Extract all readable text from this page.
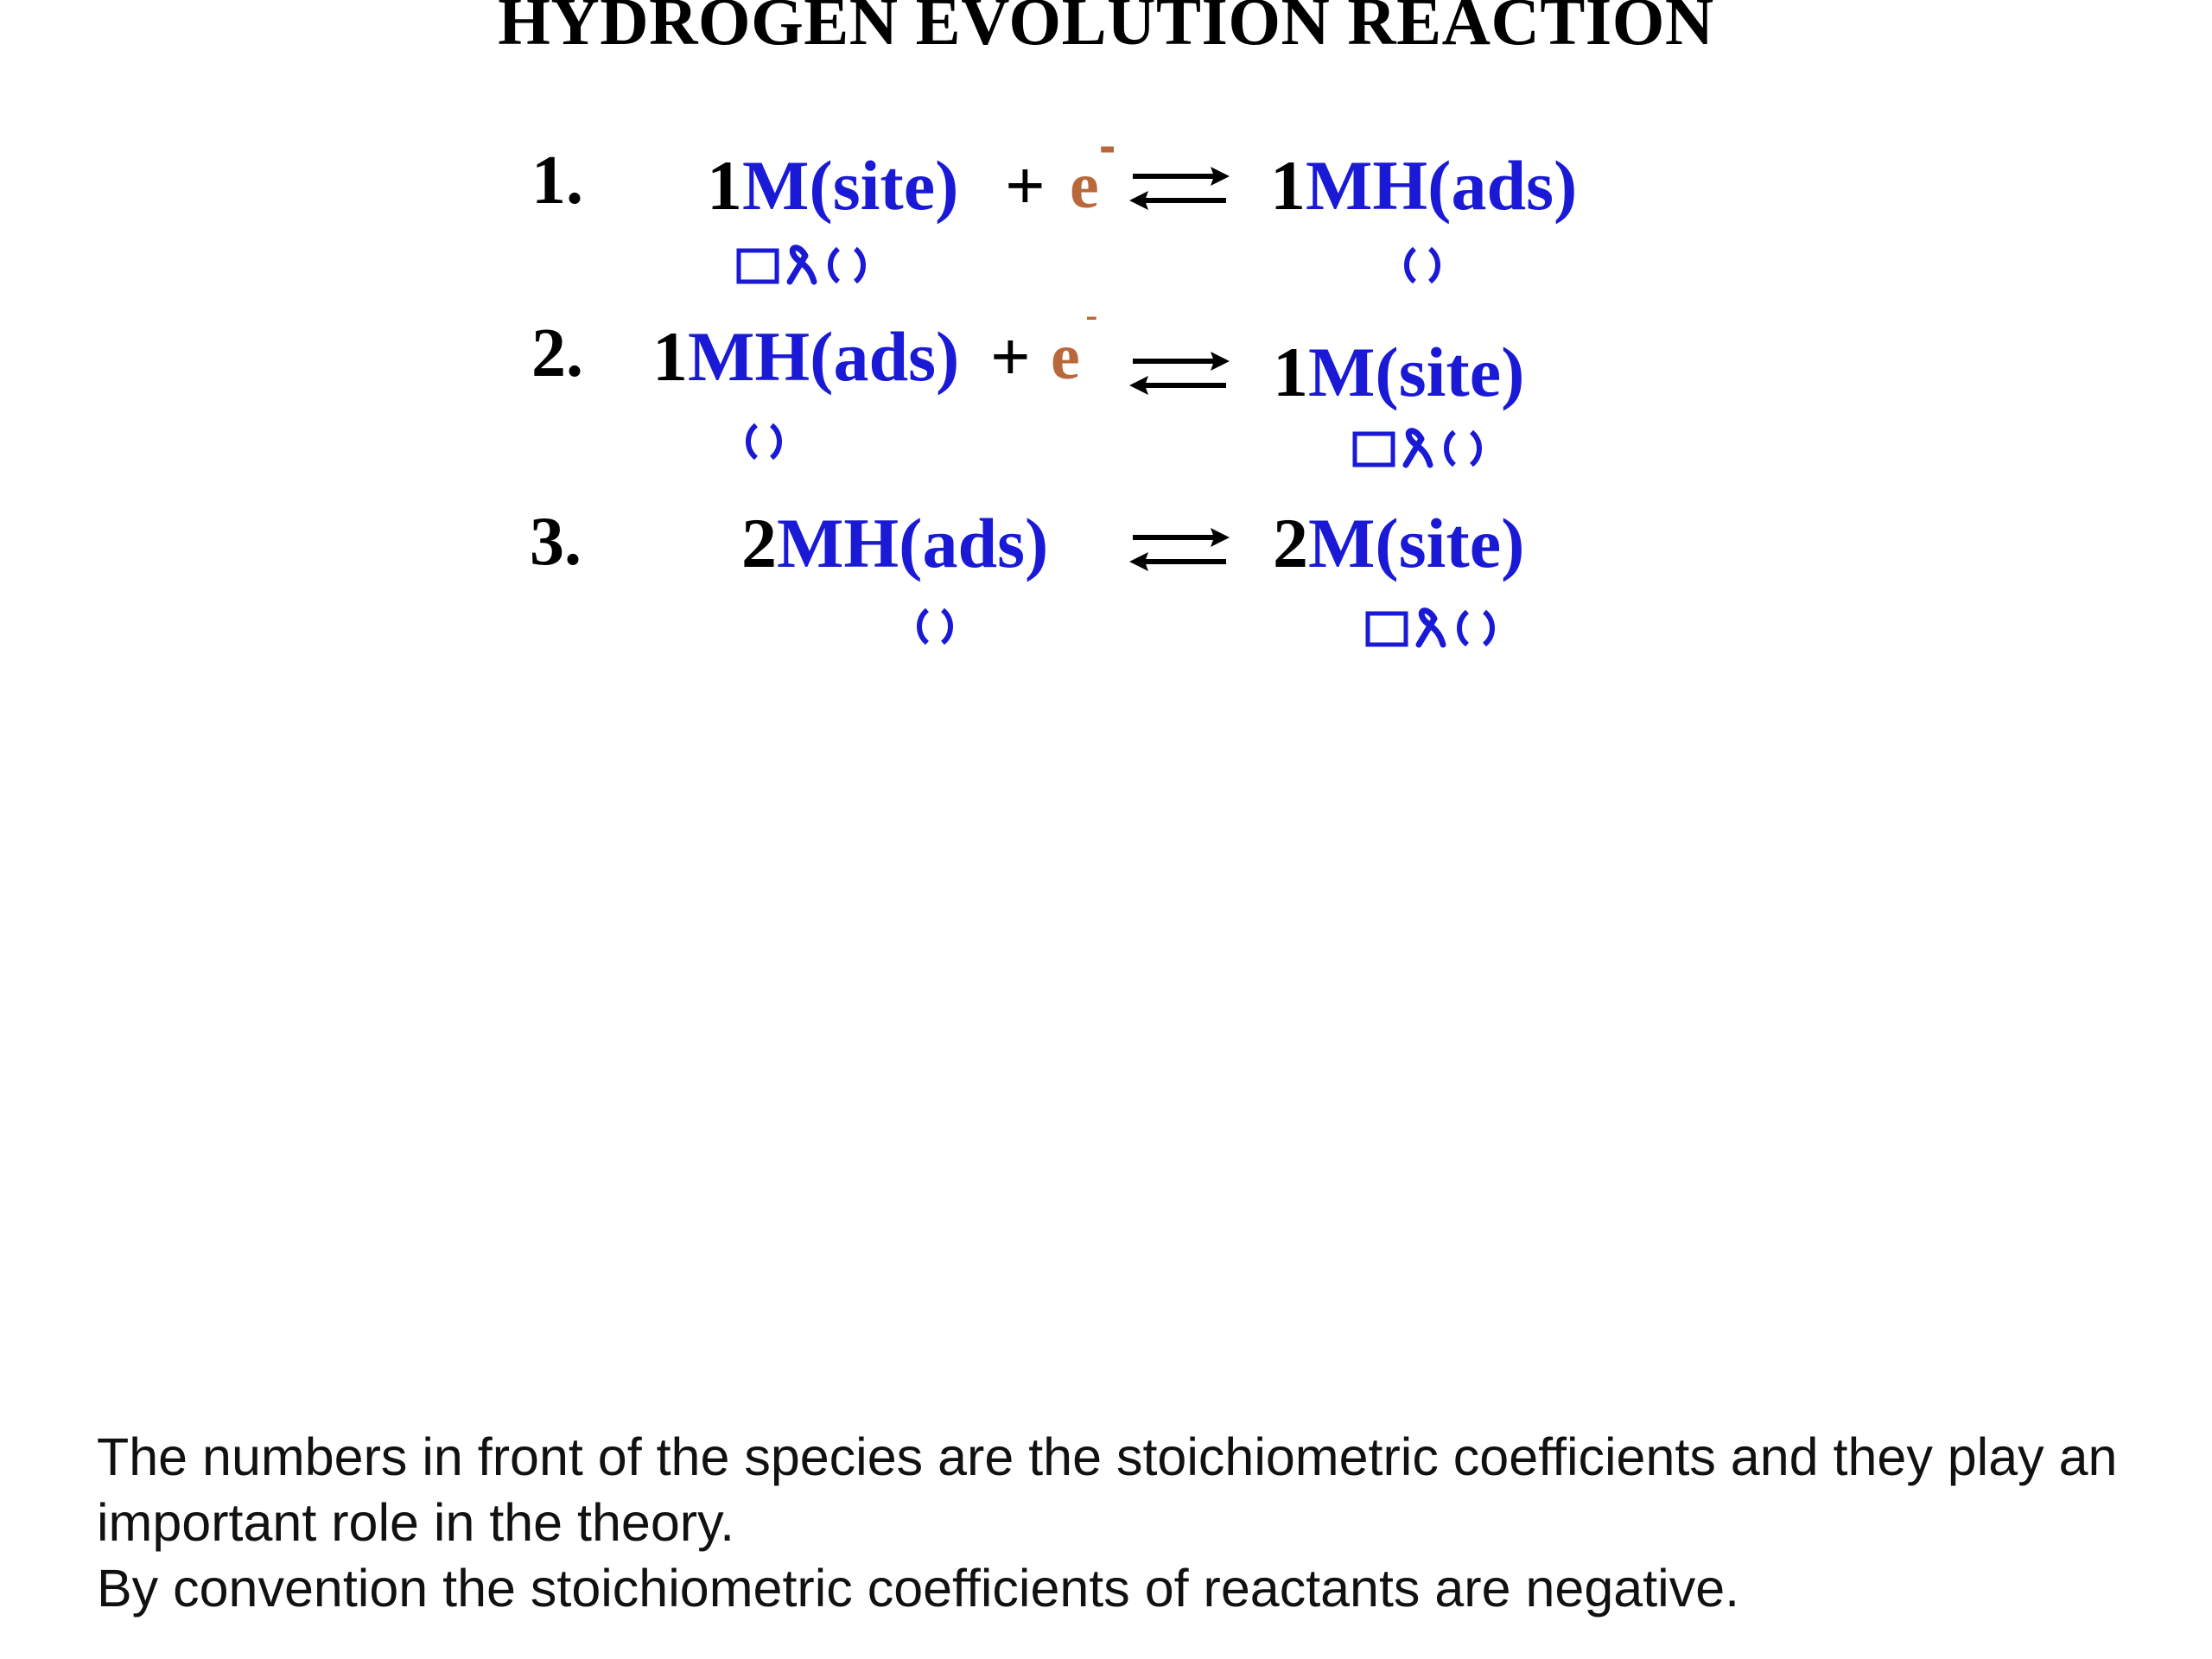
HYDROGEN EVOLUTION REACTION
1. 1M(site) + e
-
1MH(ads)
2. 1MH(ads) + e
-
1M(site)
3. 2MH(ads)	2M(site)

The numbers in front of the species are the stoichiometric coefficients and they play an important role in the theory.

By convention the stoichiometric coefficients of reactants are negative.
